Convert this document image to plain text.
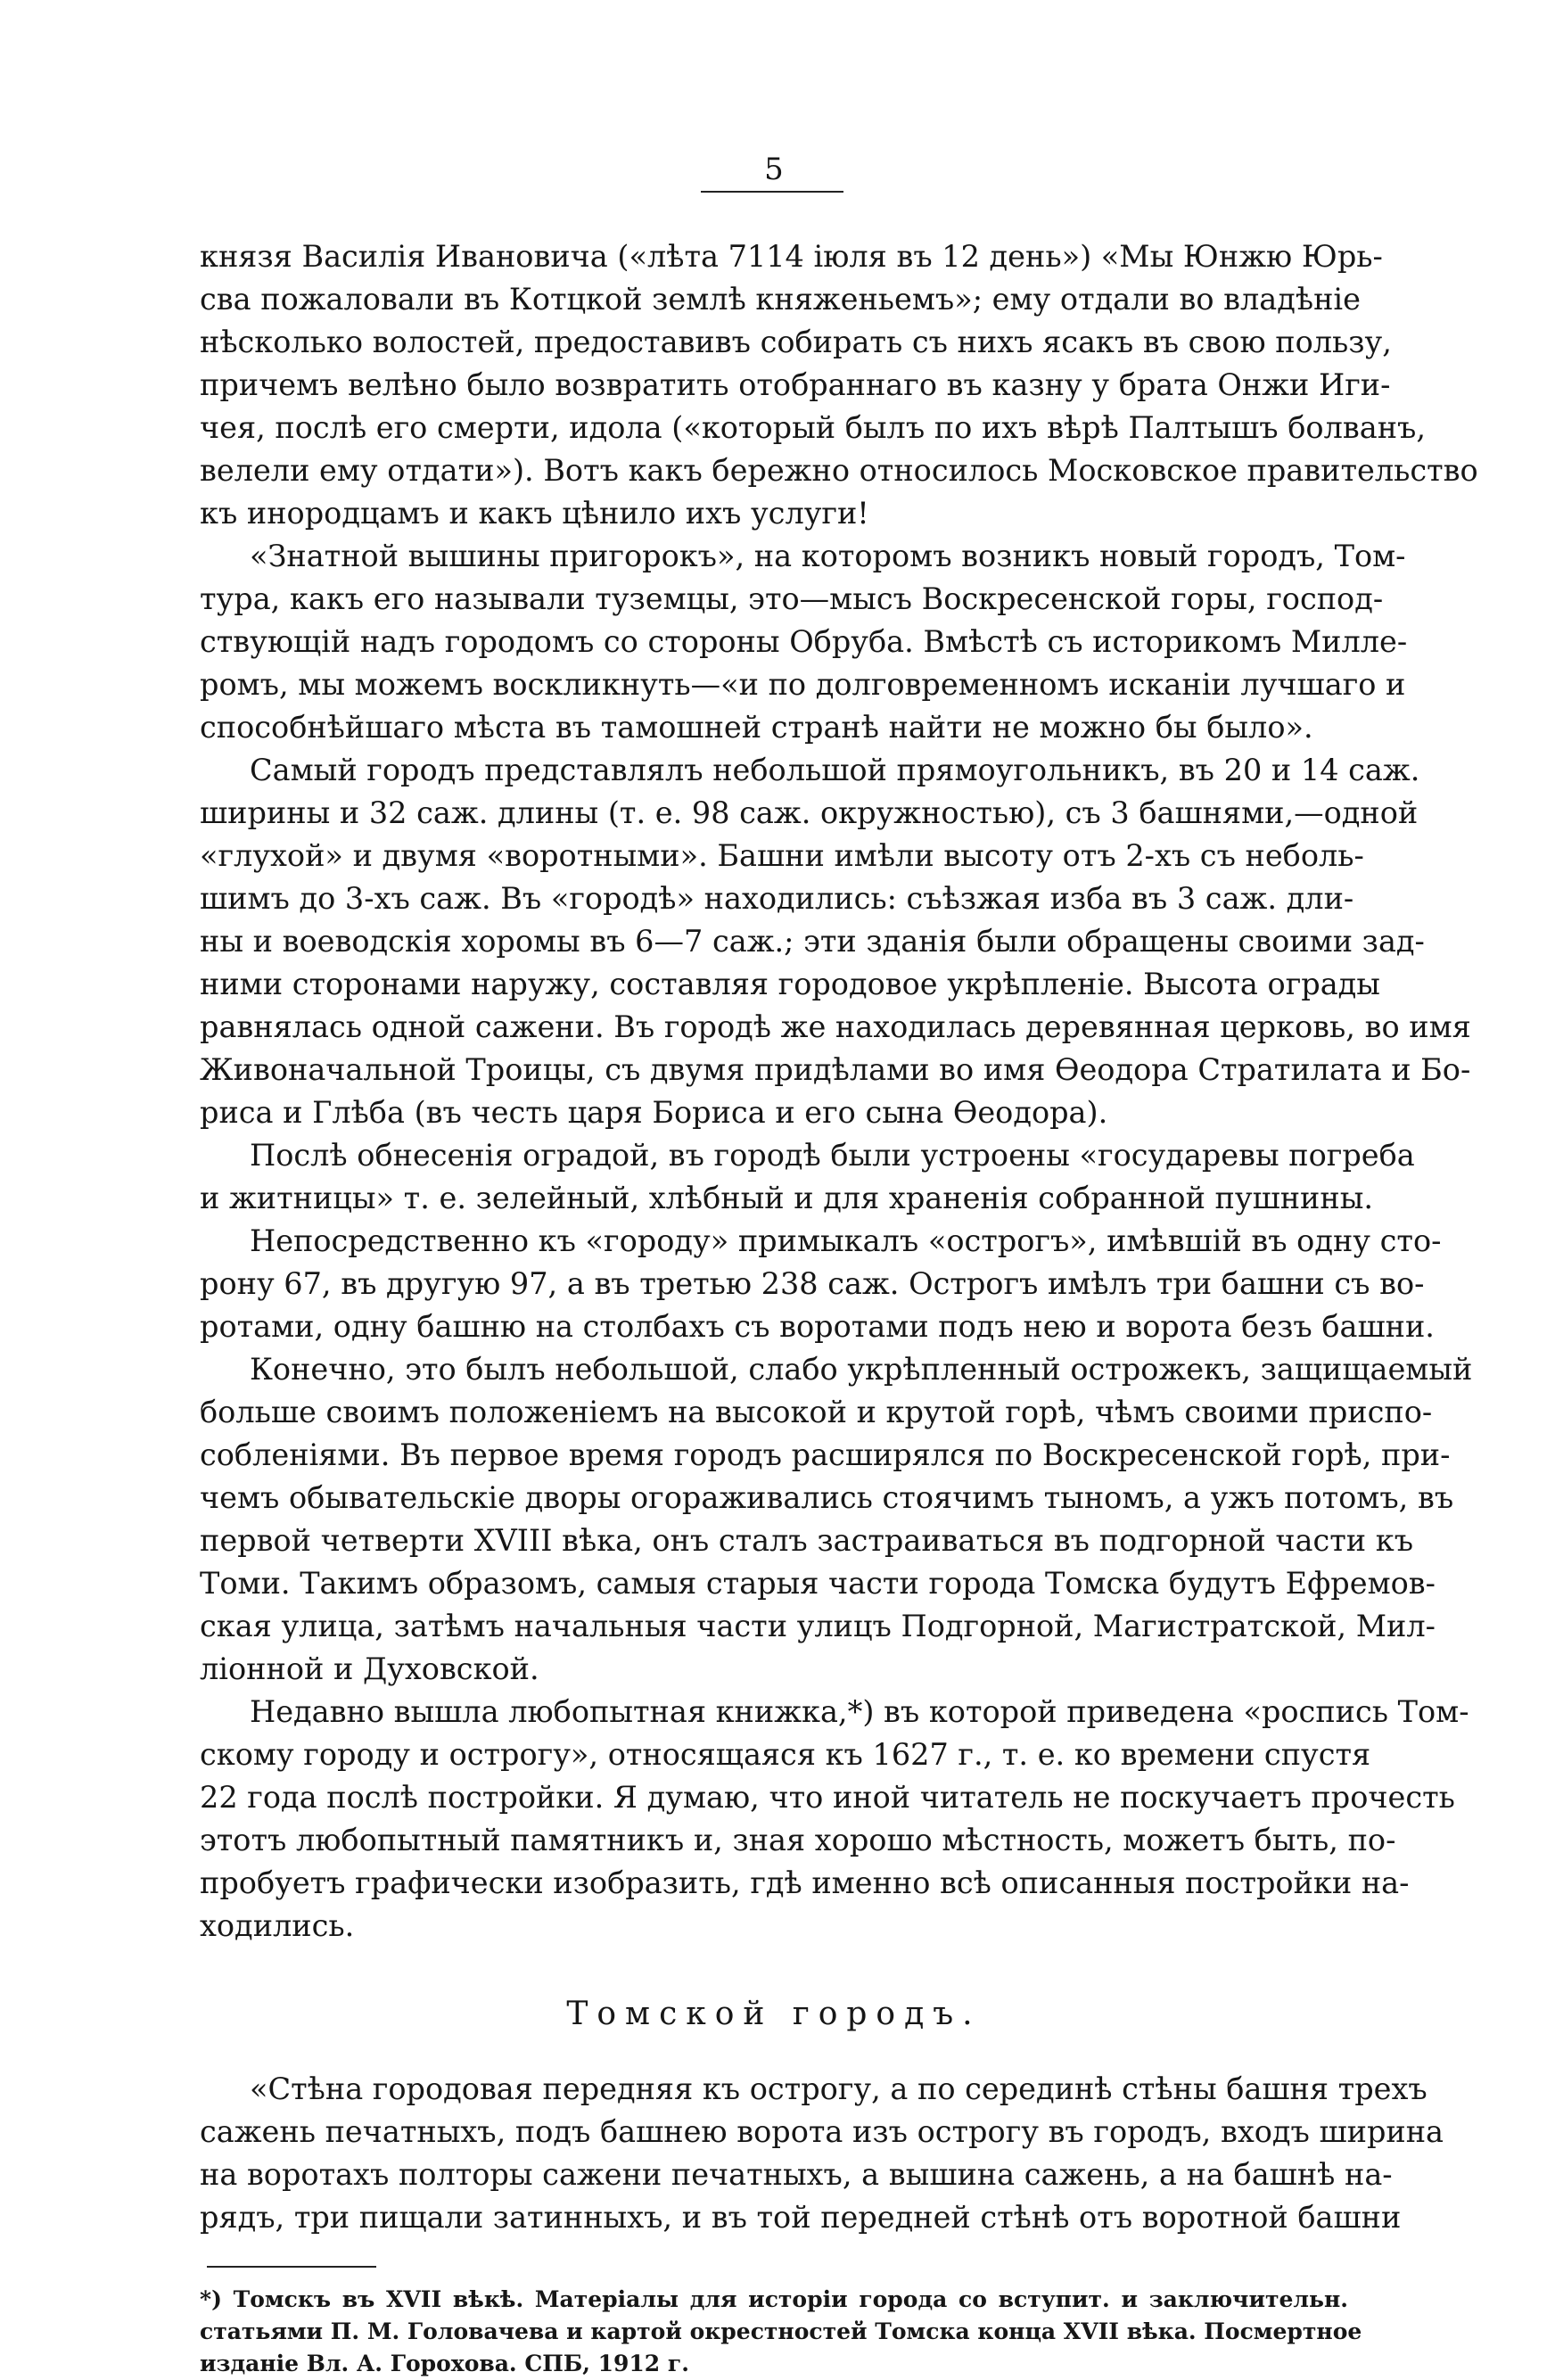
5

князя Василія Ивановича («лѣта 7114 іюля въ 12 день») «Мы Юнжю Юрь-
сва пожаловали въ Котцкой землѣ княженьемъ»; ему отдали во владѣніе
нѣсколько волостей, предоставивъ собирать съ нихъ ясакъ въ свою пользу,
причемъ велѣно было возвратить отобраннаго въ казну у брата Онжи Иги-
чея, послѣ его смерти, идола («который былъ по ихъ вѣрѣ Палтышъ болванъ,
велели ему отдати»). Вотъ какъ бережно относилось Московское правительство
къ инородцамъ и какъ цѣнило ихъ услуги!

«Знатной вышины пригорокъ», на которомъ возникъ новый городъ, Том-
тура, какъ его называли туземцы, это—мысъ Воскресенской горы, господ-
ствующій надъ городомъ со стороны Обруба. Вмѣстѣ съ историкомъ Милле-
ромъ, мы можемъ воскликнуть—«и по долговременномъ исканіи лучшаго и
способнѣйшаго мѣста въ тамошней странѣ найти не можно бы было».

Самый городъ представлялъ небольшой прямоугольникъ, въ 20 и 14 саж.
ширины и 32 саж. длины (т. е. 98 саж. окружностью), съ 3 башнями,—одной
«глухой» и двумя «воротными». Башни имѣли высоту отъ 2-хъ съ неболь-
шимъ до 3-хъ саж. Въ «городѣ» находились: съѣзжая изба въ 3 саж. дли-
ны и воеводскія хоромы въ 6—7 саж.; эти зданія были обращены своими зад-
ними сторонами наружу, составляя городовое укрѣпленіе. Высота ограды
равнялась одной сажени. Въ городѣ же находилась деревянная церковь, во имя
Живоначальной Троицы, съ двумя придѣлами во имя Ѳеодора Стратилата и Бо-
риса и Глѣба (въ честь царя Бориса и его сына Ѳеодора).

Послѣ обнесенія оградой, въ городѣ были устроены «государевы погреба
и житницы» т. е. зелейный, хлѣбный и для храненія собранной пушнины.

Непосредственно къ «городу» примыкалъ «острогъ», имѣвшій въ одну сто-
рону 67, въ другую 97, а въ третью 238 саж. Острогъ имѣлъ три башни съ во-
ротами, одну башню на столбахъ съ воротами подъ нею и ворота безъ башни.

Конечно, это былъ небольшой, слабо укрѣпленный острожекъ, защищаемый
больше своимъ положеніемъ на высокой и крутой горѣ, чѣмъ своими приспо-
собленіями. Въ первое время городъ расширялся по Воскресенской горѣ, при-
чемъ обывательскіе дворы огораживались стоячимъ тыномъ, а ужъ потомъ, въ
первой четверти XVIII вѣка, онъ сталъ застраиваться въ подгорной части къ
Томи. Такимъ образомъ, самыя старыя части города Томска будутъ Ефремов-
ская улица, затѣмъ начальныя части улицъ Подгорной, Магистратской, Мил-
ліонной и Духовской.

Недавно вышла любопытная книжка,*) въ которой приведена «роспись Том-
скому городу и острогу», относящаяся къ 1627 г., т. е. ко времени спустя
22 года послѣ постройки. Я думаю, что иной читатель не поскучаетъ прочесть
этотъ любопытный памятникъ и, зная хорошо мѣстность, можетъ быть, по-
пробуетъ графически изобразить, гдѣ именно всѣ описанныя постройки на-
ходились.

Томской городъ.
«Стѣна городовая передняя къ острогу, а по серединѣ стѣны башня трехъ
сажень печатныхъ, подъ башнею ворота изъ острогу въ городъ, входъ ширина
на воротахъ полторы сажени печатныхъ, а вышина сажень, а на башнѣ на-
рядъ, три пищали затинныхъ, и въ той передней стѣнѣ отъ воротной башни
*) Томскъ въ XVII вѣкѣ. Матеріалы для исторіи города со вступит. и заключительн.
статьями П. М. Головачева и картой окрестностей Томска конца XVII вѣка. Посмертное
изданіе Вл. А. Горохова. СПБ, 1912 г.
